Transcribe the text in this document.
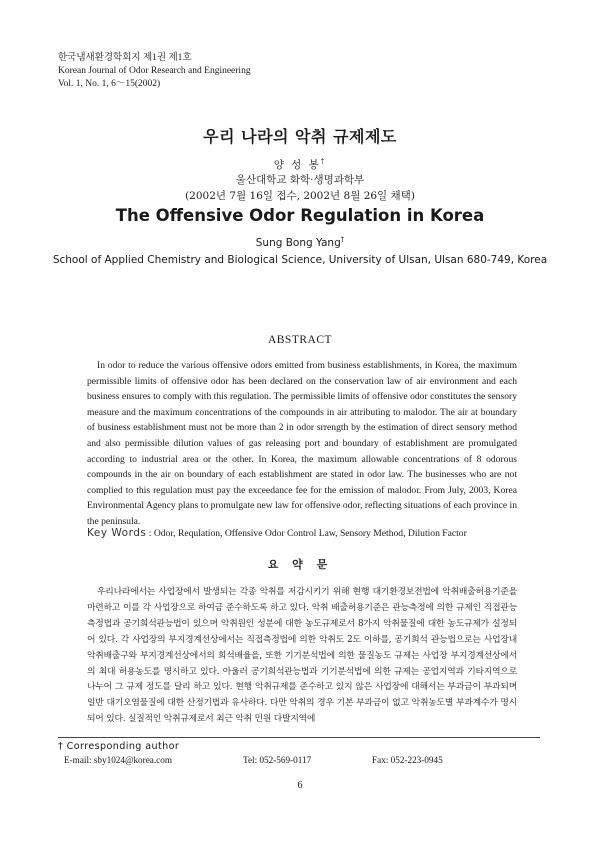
한국냄새환경학회지 제1권 제1호
Korean Journal of Odor Research and Engineering
Vol. 1, No. 1, 6～15(2002)
우리 나라의 악취 규제제도
양 성 봉†
울산대학교 화학·생명과학부
(2002년 7월 16일 접수, 2002년 8월 26일 채택)
The Offensive Odor Regulation in Korea
Sung Bong Yang†
School of Applied Chemistry and Biological Science, University of Ulsan, Ulsan 680-749, Korea
ABSTRACT

In odor to reduce the various offensive odors emitted from business establishments, in Korea, the maximum permissible limits of offensive odor has been declared on the conservation law of air environment and each business ensures to comply with this regulation. The permissible limits of offensive odor constitutes the sensory measure and the maximum concentrations of the compounds in air attributing to malodor. The air at boundary of business establishment must not be more than 2 in odor srrength by the estimation of direct sensory method and also permissible dilution values of gas releasing port and boundary of establishment are promulgated according to industrial area or the other. In Korea, the maximum allowable concentrations of 8 odorous compounds in the air on boundary of each establishment are stated in odor law. The businesses who are not complied to this regulation must pay the exceedance fee for the emission of malodor. From July, 2003, Korea Environmental Agency plans to promulgate new law for offensive odor, reflecting situations of each province in the peninsula.

Key Words : Odor, Requlation, Offensive Odor Control Law, Sensory Method, Dilution Factor
요 약 문

우리나라에서는 사업장에서 발생되는 각종 악취를 저감시키기 위해 현행 대기환경보전법에 악취배출허용기준을 마련하고 이를 각 사업장으로 하여금 준수하도록 하고 있다. 악취 배출허용기준은 관능측정에 의한 규제인 직접관능측정법과 공기희석관능법이 있으며 악취원인 성분에 대한 농도규제로서 8가지 악취물질에 대한 농도규제가 설정되어 있다. 각 사업장의 부지경계선상에서는 직접측정법에 의한 악취도 2도 이하를, 공기희석 관능법으로는 사업장내 악취배출구와 부지경계선상에서의 희석배율을, 또한 기기분석법에 의한 물질농도 규제는 사업장 부지경계선상에서의 최대 허용농도를 명시하고 있다. 아울러 공기희석관능법과 기기분석법에 의한 규제는 공업지역과 기타지역으로 나누어 그 규제 정도를 달리 하고 있다. 현행 악취규제를 준수하고 있지 않은 사업장에 대해서는 부과금이 부과되며 일반 대기오염물질에 대한 산정기법과 유사하다. 다만 악취의 경우 기본 부과금이 없고 악취농도별 부과계수가 명시되어 있다. 실질적인 악취규제로서 최근 악취 민원 다발지역에

† Corresponding author
E-mail: sby1024@korea.com	Tel: 052-569-0117	Fax: 052-223-0945
6
